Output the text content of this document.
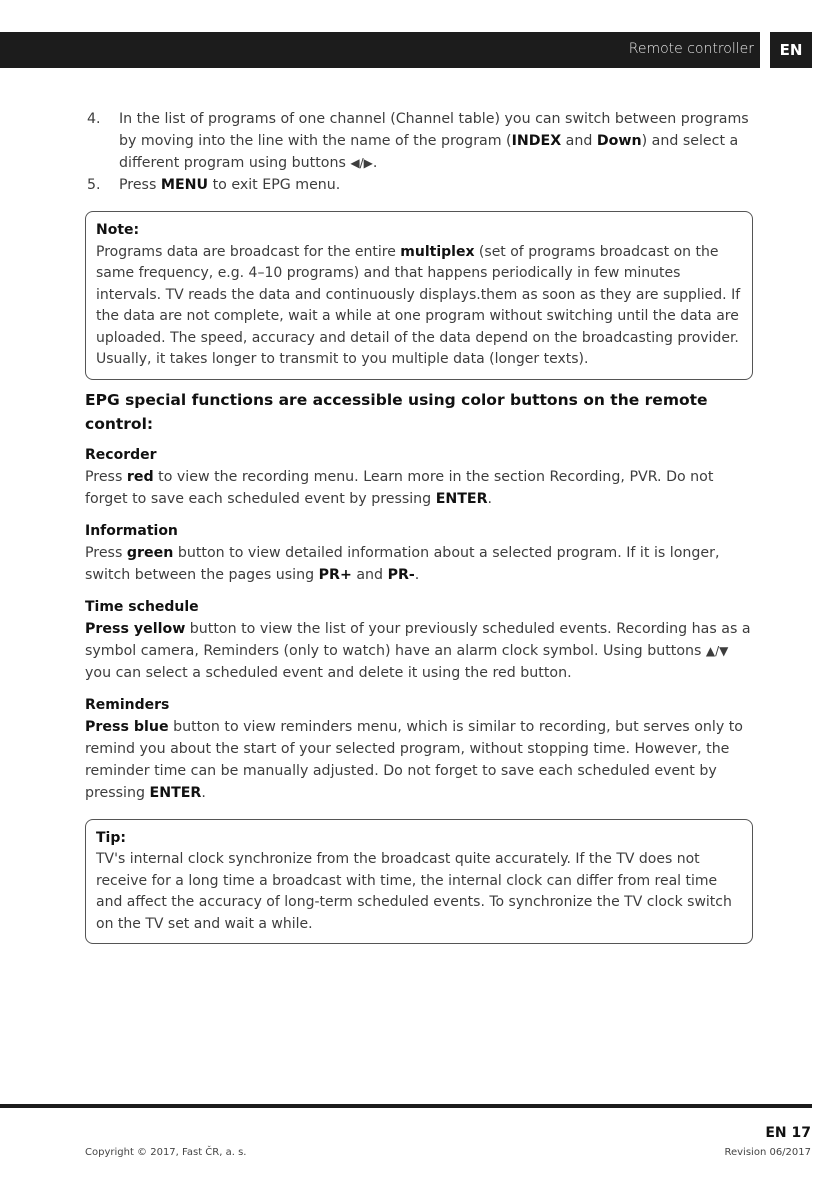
Remote controller	EN
4. In the list of programs of one channel (Channel table) you can switch between programs by moving into the line with the name of the program (INDEX and Down) and select a different program using buttons ◀/▶.
5. Press MENU to exit EPG menu.
Note:
Programs data are broadcast for the entire multiplex (set of programs broadcast on the same frequency, e.g. 4–10 programs) and that happens periodically in few minutes intervals. TV reads the data and continuously displays.them as soon as they are supplied. If the data are not complete, wait a while at one program without switching until the data are uploaded. The speed, accuracy and detail of the data depend on the broadcasting provider. Usually, it takes longer to transmit to you multiple data (longer texts).
EPG special functions are accessible using color buttons on the remote control:
Recorder
Press red to view the recording menu. Learn more in the section Recording, PVR. Do not forget to save each scheduled event by pressing ENTER.
Information
Press green button to view detailed information about a selected program. If it is longer, switch between the pages using PR+ and PR-.
Time schedule
Press yellow button to view the list of your previously scheduled events. Recording has as a symbol camera, Reminders (only to watch) have an alarm clock symbol. Using buttons ▲/▼ you can select a scheduled event and delete it using the red button.
Reminders
Press blue button to view reminders menu, which is similar to recording, but serves only to remind you about the start of your selected program, without stopping time. However, the reminder time can be manually adjusted. Do not forget to save each scheduled event by pressing ENTER.
Tip:
TV's internal clock synchronize from the broadcast quite accurately. If the TV does not receive for a long time a broadcast with time, the internal clock can differ from real time and affect the accuracy of long-term scheduled events. To synchronize the TV clock switch on the TV set and wait a while.
EN 17
Copyright © 2017, Fast ČR, a. s.	Revision 06/2017
